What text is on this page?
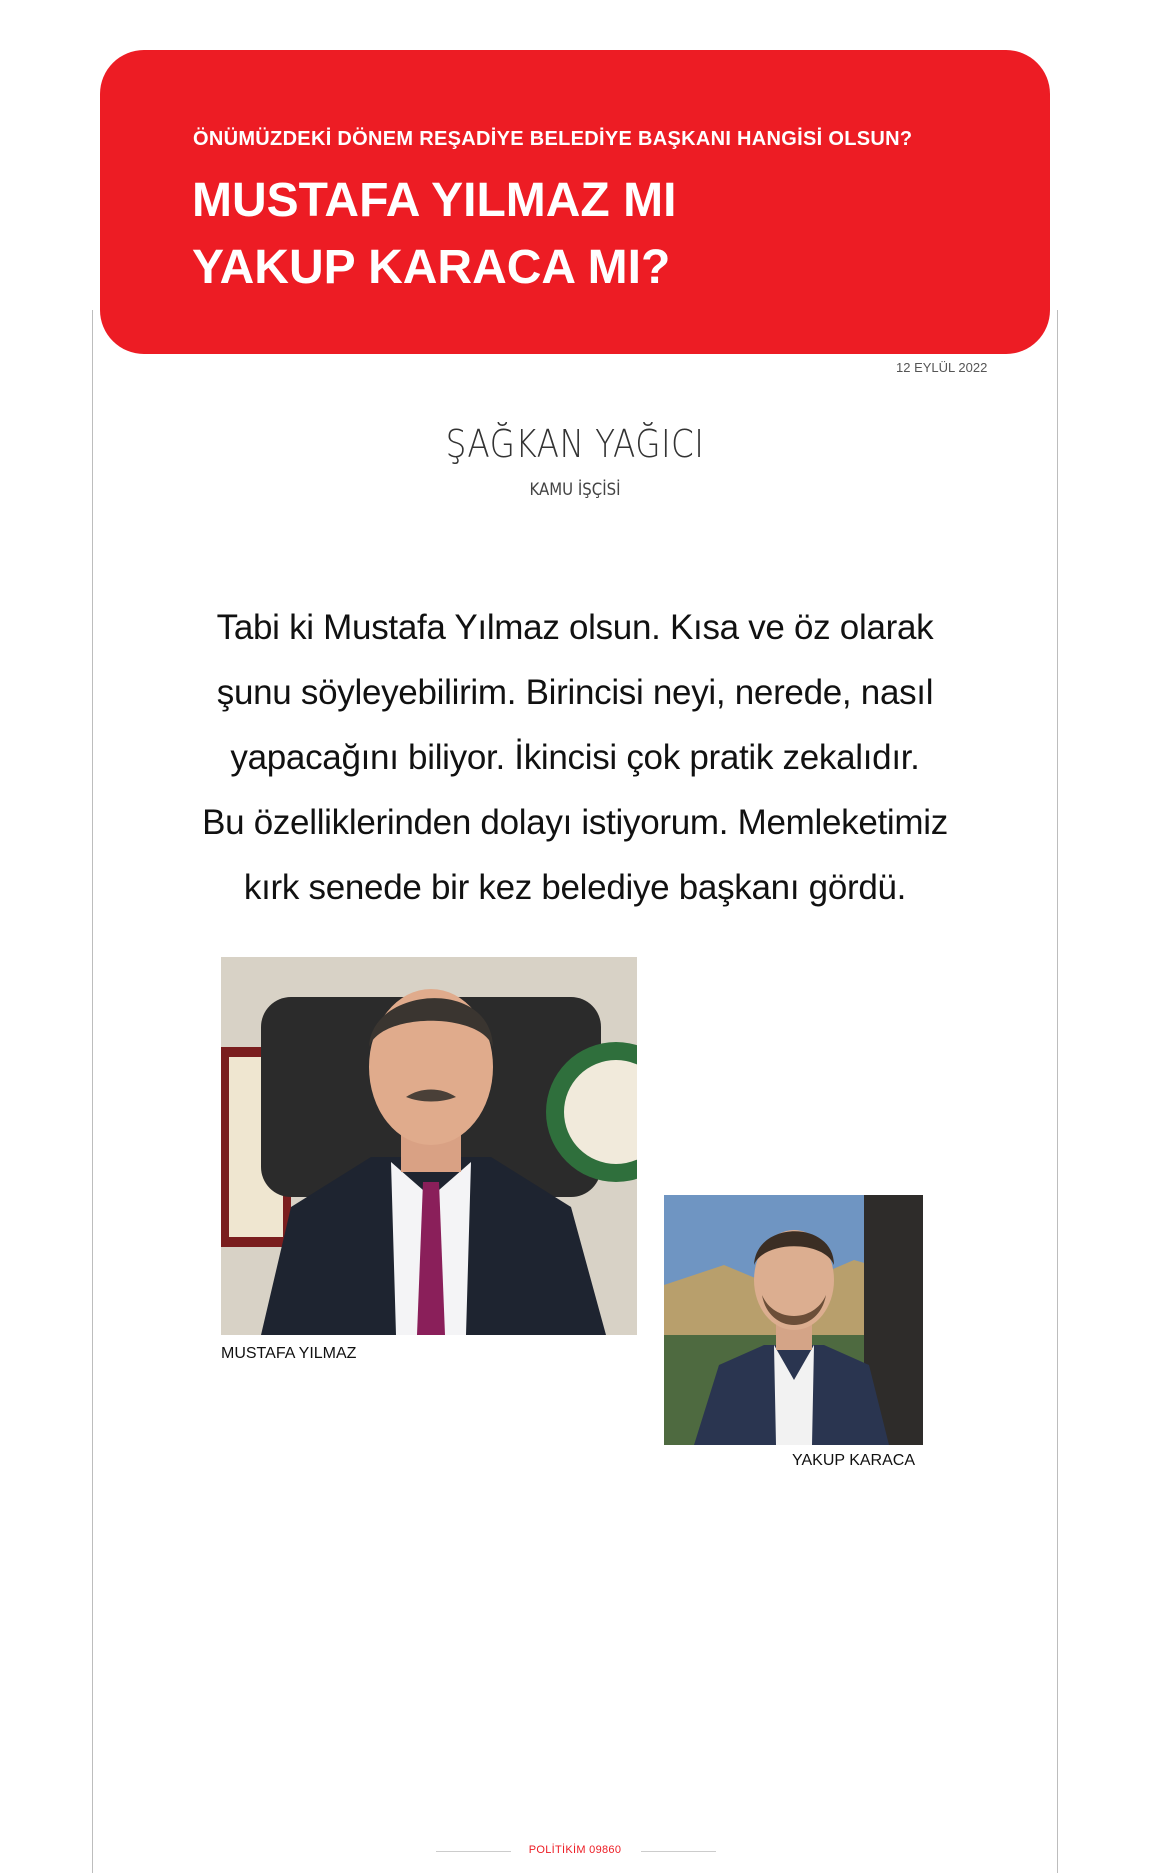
ÖNÜMÜZDEKİ DÖNEM REŞADİYE BELEDİYE BAŞKANI HANGİSİ OLSUN?
MUSTAFA YILMAZ MI
YAKUP KARACA MI?
12 EYLÜL 2022
ŞAĞKAN YAĞICI
KAMU İŞÇİSİ
Tabi ki Mustafa Yılmaz olsun. Kısa ve öz olarak
şunu söyleyebilirim. Birincisi neyi, nerede, nasıl
yapacağını biliyor. İkincisi çok pratik zekalıdır.
Bu özelliklerinden dolayı istiyorum. Memleketimiz
kırk senede bir kez belediye başkanı gördü.
MUSTAFA YILMAZ
YAKUP KARACA
POLİTİKİM 09860
